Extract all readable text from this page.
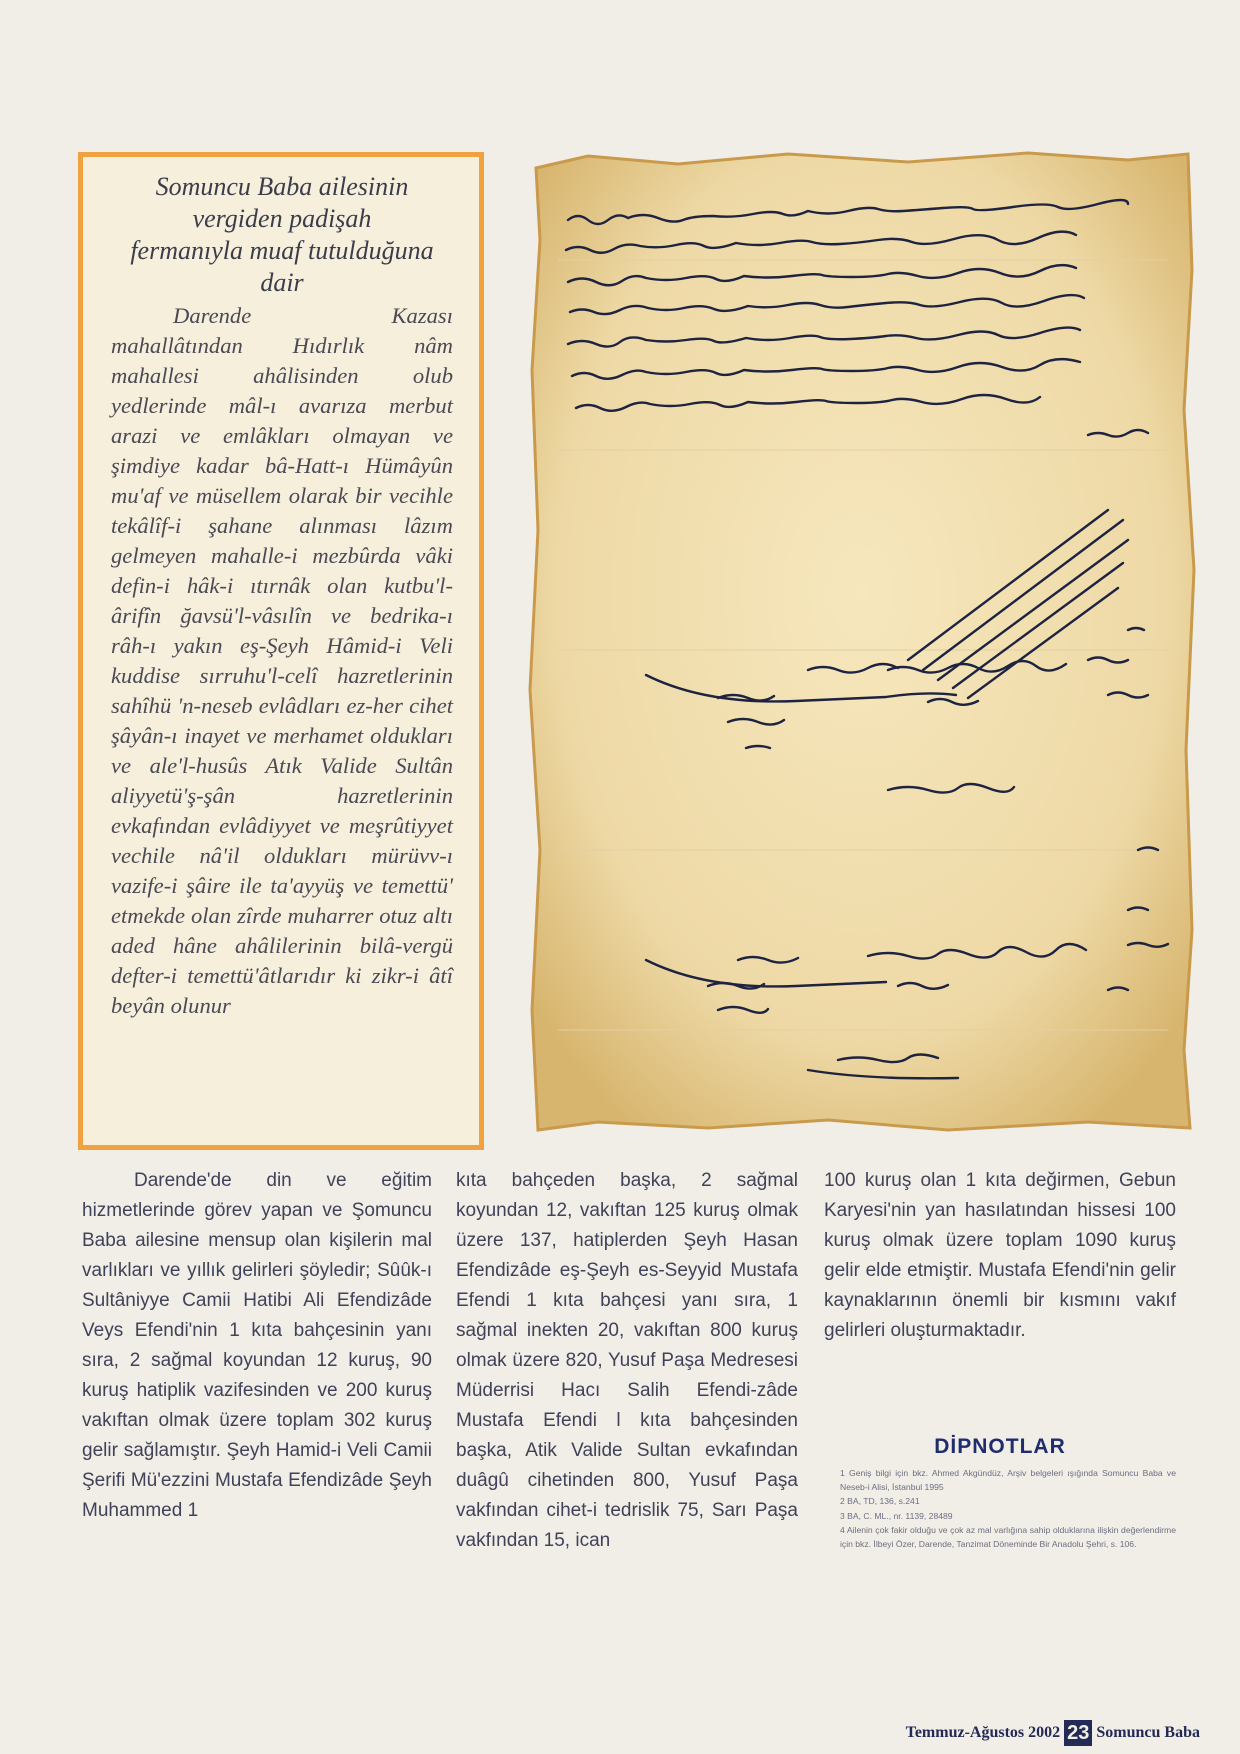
Somuncu Baba ailesinin
vergiden padişah
fermanıyla muaf tutulduğuna
dair

Darende Kazası mahallâtından Hıdırlık nâm mahallesi ahâlisinden olub yedlerinde mâl-ı avarıza merbut arazi ve emlâkları olmayan ve şimdiye kadar bâ-Hatt-ı Hümâyûn mu'af ve müsellem olarak bir vecihle tekâlîf-i şahane alınması lâzım gelmeyen mahalle-i mezbûrda vâki defin-i hâk-i ıtırnâk olan kutbu'l-ârifîn ğavsü'l-vâsılîn ve bedrika-ı râh-ı yakın eş-Şeyh Hâmid-i Veli kuddise sırruhu'l-celî hazretlerinin sahîhü 'n-neseb evlâdları ez-her cihet şâyân-ı inayet ve merhamet oldukları ve ale'l-husûs Atık Valide Sultân aliyyetü'ş-şân hazretlerinin evkafından evlâdiyyet ve meşrûtiyyet vechile nâ'il oldukları mürüvv-ı vazife-i şâire ile ta'ayyüş ve temettü' etmekde olan zîrde muharrer otuz altı aded hâne ahâlilerinin bilâ-vergü defter-i temettü'âtlarıdır ki zikr-i âtî beyân olunur

Darende'de din ve eğitim hizmetlerinde görev yapan ve Şomuncu Baba ailesine mensup olan kişilerin mal varlıkları ve yıllık gelirleri şöyledir; Sûûk-ı Sultâniyye Camii Hatibi Ali Efendizâde Veys Efendi'nin 1 kıta bahçesinin yanı sıra, 2 sağmal koyundan 12 kuruş, 90 kuruş hatiplik vazifesinden ve 200 kuruş vakıftan olmak üzere toplam 302 kuruş gelir sağlamıştır. Şeyh Hamid-i Veli Camii Şerifi Mü'ezzini Mustafa Efendizâde Şeyh Muhammed 1
kıta bahçeden başka, 2 sağmal koyundan 12, vakıftan 125 kuruş olmak üzere 137, hatiplerden Şeyh Hasan Efendizâde eş-Şeyh es-Seyyid Mustafa Efendi 1 kıta bahçesi yanı sıra, 1 sağmal inekten 20, vakıftan 800 kuruş olmak üzere 820, Yusuf Paşa Medresesi Müderrisi Hacı Salih Efendi-zâde Mustafa Efendi l kıta bahçesinden başka, Atik Valide Sultan evkafından duâgû cihetinden 800, Yusuf Paşa vakfından cihet-i tedrislik 75, Sarı Paşa vakfından 15, ican
100 kuruş olan 1 kıta değirmen, Gebun Karyesi'nin yan hasılatından hissesi 100 kuruş olmak üzere toplam 1090 kuruş gelir elde etmiştir. Mustafa Efendi'nin gelir kaynaklarının önemli bir kısmını vakıf gelirleri oluşturmaktadır.
DİPNOTLAR
1 Geniş bilgi için bkz. Ahmed Akgündüz, Arşiv belgeleri ışığında Somuncu Baba ve Neseb-i Alisi, İstanbul 1995
2 BA, TD, 136, s.241
3 BA, C. ML., nr. 1139, 28489
4 Ailenin çok fakir olduğu ve çok az mal varlığına sahip olduklarına ilişkin değerlendirme için bkz. İlbeyi Özer, Darende, Tanzimat Döneminde Bir Anadolu Şehri, s. 106.
Temmuz-Ağustos 2002 23 Somuncu Baba
